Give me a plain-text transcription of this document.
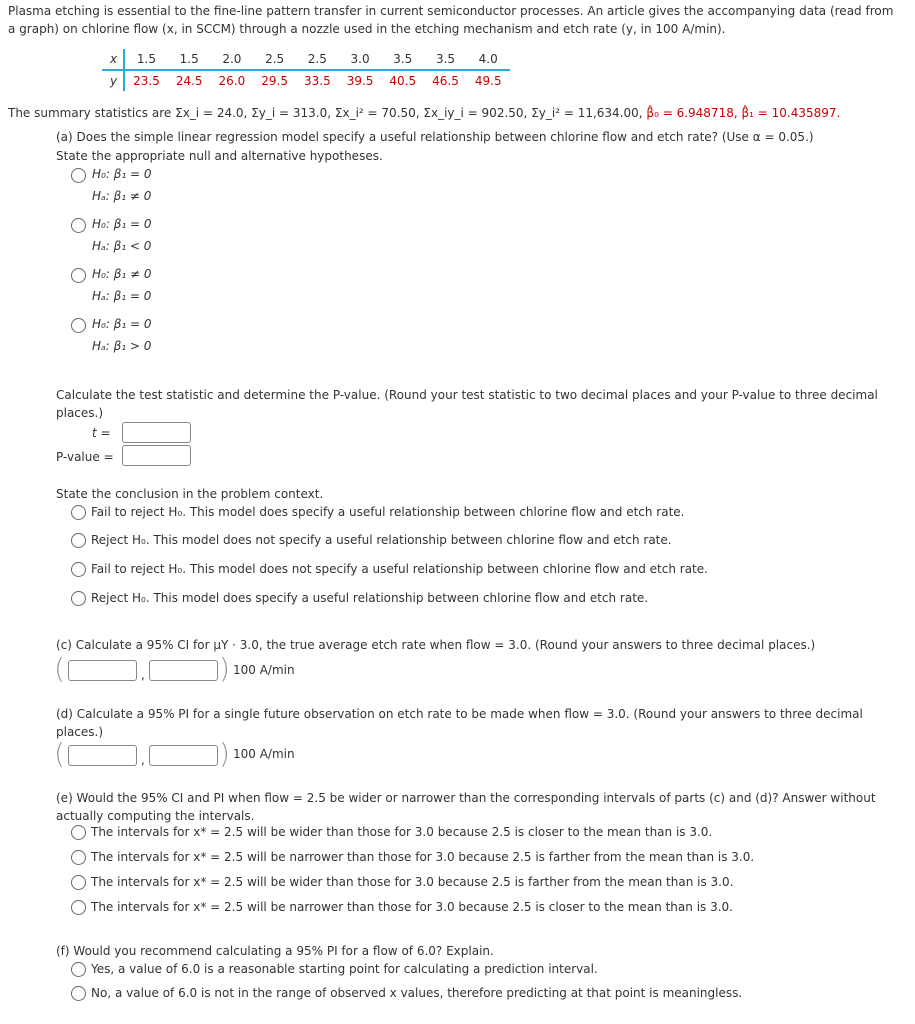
Plasma etching is essential to the fine-line pattern transfer in current semiconductor processes. An article gives the accompanying data (read from a graph) on chlorine flow (x, in SCCM) through a nozzle used in the etching mechanism and etch rate (y, in 100 A/min).
x	1.5	1.5	2.0	2.5	2.5	3.0	3.5	3.5	4.0
y	23.5	24.5	26.0	29.5	33.5	39.5	40.5	46.5	49.5
The summary statistics are Σx_i = 24.0, Σy_i = 313.0, Σx_i² = 70.50, Σx_iy_i = 902.50, Σy_i² = 11,634.00, β̂₀ = 6.948718, β̂₁ = 10.435897.
(a) Does the simple linear regression model specify a useful relationship between chlorine flow and etch rate? (Use α = 0.05.)
State the appropriate null and alternative hypotheses.
H₀: β₁ = 0
Hₐ: β₁ ≠ 0
H₀: β₁ = 0
Hₐ: β₁ < 0
H₀: β₁ ≠ 0
Hₐ: β₁ = 0
H₀: β₁ = 0
Hₐ: β₁ > 0
Calculate the test statistic and determine the P-value. (Round your test statistic to two decimal places and your P-value to three decimal places.)
t =
P-value =
State the conclusion in the problem context.
Fail to reject H₀. This model does specify a useful relationship between chlorine flow and etch rate.
Reject H₀. This model does not specify a useful relationship between chlorine flow and etch rate.
Fail to reject H₀. This model does not specify a useful relationship between chlorine flow and etch rate.
Reject H₀. This model does specify a useful relationship between chlorine flow and etch rate.
(c) Calculate a 95% CI for μY · 3.0, the true average etch rate when flow = 3.0. (Round your answers to three decimal places.)
(	,	) 100 A/min
(d) Calculate a 95% PI for a single future observation on etch rate to be made when flow = 3.0. (Round your answers to three decimal places.)
(	,	) 100 A/min
(e) Would the 95% CI and PI when flow = 2.5 be wider or narrower than the corresponding intervals of parts (c) and (d)? Answer without actually computing the intervals.
The intervals for x* = 2.5 will be wider than those for 3.0 because 2.5 is closer to the mean than is 3.0.
The intervals for x* = 2.5 will be narrower than those for 3.0 because 2.5 is farther from the mean than is 3.0.
The intervals for x* = 2.5 will be wider than those for 3.0 because 2.5 is farther from the mean than is 3.0.
The intervals for x* = 2.5 will be narrower than those for 3.0 because 2.5 is closer to the mean than is 3.0.
(f) Would you recommend calculating a 95% PI for a flow of 6.0? Explain.
Yes, a value of 6.0 is a reasonable starting point for calculating a prediction interval.
No, a value of 6.0 is not in the range of observed x values, therefore predicting at that point is meaningless.
